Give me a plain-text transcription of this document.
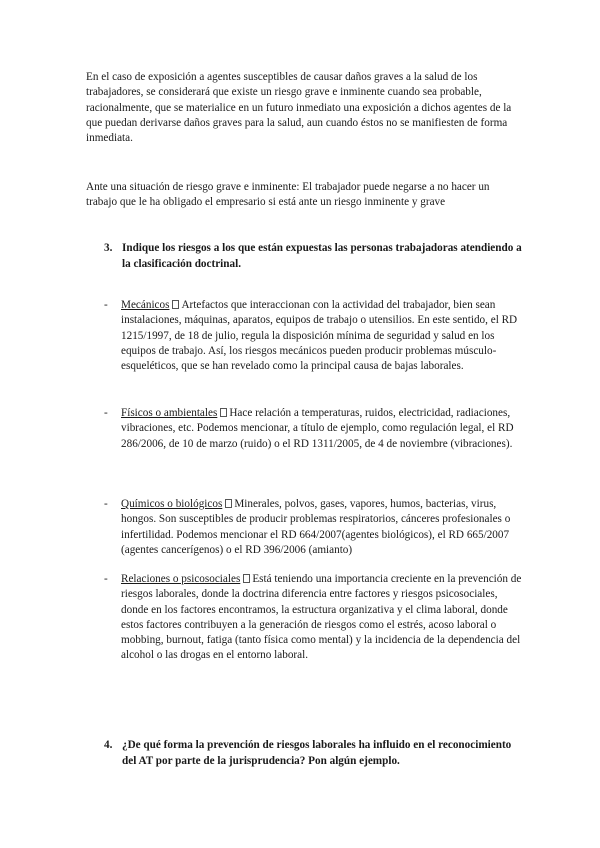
En el caso de exposición a agentes susceptibles de causar daños graves a la salud de los trabajadores, se considerará que existe un riesgo grave e inminente cuando sea probable, racionalmente, que se materialice en un futuro inmediato una exposición a dichos agentes de la que puedan derivarse daños graves para la salud, aun cuando éstos no se manifiesten de forma inmediata.

Ante una situación de riesgo grave e inminente: El trabajador puede negarse a no hacer un trabajo que le ha obligado el empresario si está ante un riesgo inminente y grave

3. Indique los riesgos a los que están expuestas las personas trabajadoras atendiendo a la clasificación doctrinal.
-	Mecánicos Artefactos que interaccionan con la actividad del trabajador, bien sean instalaciones, máquinas, aparatos, equipos de trabajo o utensilios. En este sentido, el RD 1215/1997, de 18 de julio, regula la disposición mínima de seguridad y salud en los equipos de trabajo. Así, los riesgos mecánicos pueden producir problemas músculo-esqueléticos, que se han revelado como la principal causa de bajas laborales.
-	Físicos o ambientales Hace relación a temperaturas, ruidos, electricidad, radiaciones, vibraciones, etc. Podemos mencionar, a título de ejemplo, como regulación legal, el RD 286/2006, de 10 de marzo (ruido) o el RD 1311/2005, de 4 de noviembre (vibraciones).
-	Químicos o biológicos Minerales, polvos, gases, vapores, humos, bacterias, virus, hongos. Son susceptibles de producir problemas respiratorios, cánceres profesionales o infertilidad. Podemos mencionar el RD 664/2007(agentes biológicos), el RD 665/2007 (agentes cancerígenos) o el RD 396/2006 (amianto)
-	Relaciones o psicosociales Está teniendo una importancia creciente en la prevención de riesgos laborales, donde la doctrina diferencia entre factores y riesgos psicosociales, donde en los factores encontramos, la estructura organizativa y el clima laboral, donde estos factores contribuyen a la generación de riesgos como el estrés, acoso laboral o mobbing, burnout, fatiga (tanto física como mental) y la incidencia de la dependencia del alcohol o las drogas en el entorno laboral.
4. ¿De qué forma la prevención de riesgos laborales ha influido en el reconocimiento del AT por parte de la jurisprudencia? Pon algún ejemplo.
